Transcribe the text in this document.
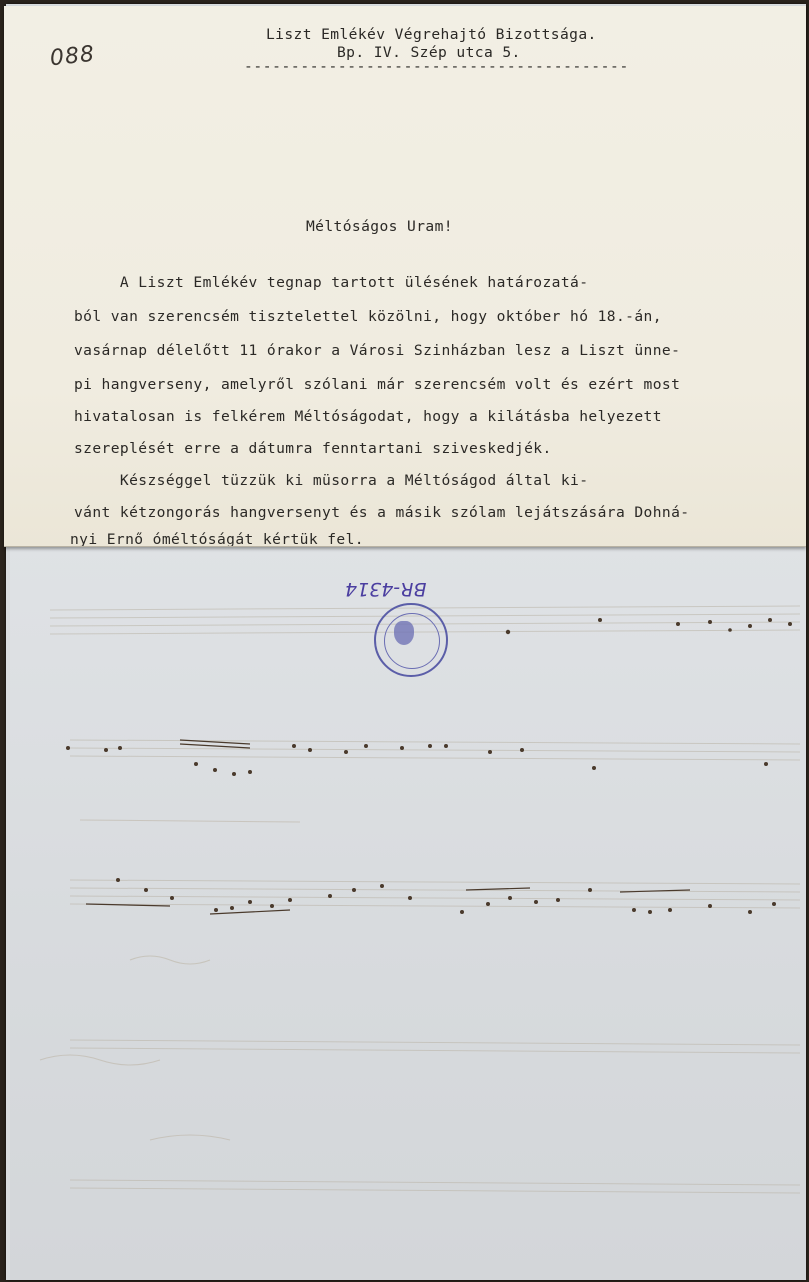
088
Liszt Emlékév Végrehajtó Bizottsága.
Bp. IV. Szép utca 5.
-----------------------------------------
Méltóságos Uram!
A Liszt Emlékév tegnap tartott ülésének határozatá-
ból van szerencsém tisztelettel közölni, hogy október hó 18.-án,
vasárnap délelőtt 11 órakor a Városi Szinházban lesz a Liszt ünne-
pi hangverseny, amelyről szólani már szerencsém volt és ezért most
hivatalosan is felkérem Méltóságodat, hogy a kilátásba helyezett
szereplését erre a dátumra fenntartani sziveskedjék.
Készséggel tüzzük ki müsorra a Méltóságod által ki-
vánt kétzongorás hangversenyt és a másik szólam lejátszására Dohná-
nyi Ernő óméltóságát kértük fel.
BR-4314
